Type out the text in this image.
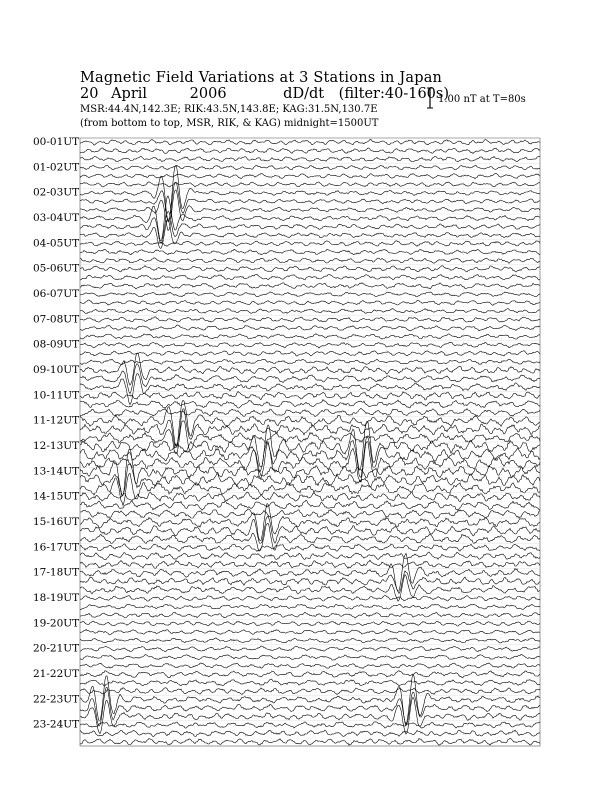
Magnetic Field Variations at 3 Stations in Japan
20 April	2006	dD/dt (filter:40-160s)
MSR:44.4N,142.3E; RIK:43.5N,143.8E; KAG:31.5N,130.7E
(from bottom to top, MSR, RIK, & KAG) midnight=1500UT
1.00 nT at T=80s
00-01UT
01-02UT
02-03UT
03-04UT
04-05UT
05-06UT
06-07UT
07-08UT
08-09UT
09-10UT
10-11UT
11-12UT
12-13UT
13-14UT
14-15UT
15-16UT
16-17UT
17-18UT
18-19UT
19-20UT
20-21UT
21-22UT
22-23UT
23-24UT
